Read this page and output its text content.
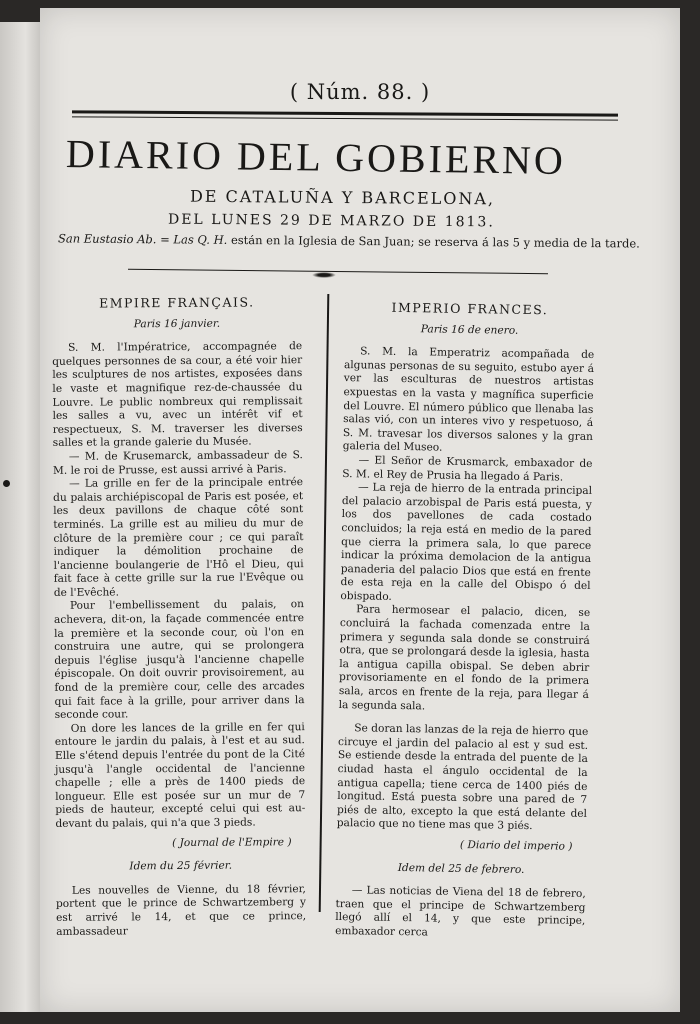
( Núm. 88. )
DIARIO DEL GOBIERNO
DE CATALUÑA Y BARCELONA,
DEL LUNES 29 DE MARZO DE 1813.
San Eustasio Ab. = Las Q. H. están en la Iglesia de San Juan; se reserva á las 5 y media de la tarde.
EMPIRE FRANÇAIS.
Paris 16 janvier.

S. M. l'Impératrice, accompagnée de quelques personnes de sa cour, a été voir hier les sculptures de nos artistes, exposées dans le vaste et magnifique rez-de-chaussée du Louvre. Le public nombreux qui remplissait les salles a vu, avec un intérêt vif et respectueux, S. M. traverser les diverses salles et la grande galerie du Musée.

— M. de Krusemarck, ambassadeur de S. M. le roi de Prusse, est aussi arrivé à Paris.

— La grille en fer de la principale entrée du palais archiépiscopal de Paris est posée, et les deux pavillons de chaque côté sont terminés. La grille est au milieu du mur de clôture de la première cour ; ce qui paraît indiquer la démolition prochaine de l'ancienne boulangerie de l'Hô el Dieu, qui fait face à cette grille sur la rue l'Evêque ou de l'Evêché.

Pour l'embellissement du palais, on achevera, dit-on, la façade commencée entre la première et la seconde cour, où l'on en construira une autre, qui se prolongera depuis l'église jusqu'à l'ancienne chapelle épiscopale. On doit ouvrir provisoirement, au fond de la première cour, celle des arcades qui fait face à la grille, pour arriver dans la seconde cour.

On dore les lances de la grille en fer qui entoure le jardin du palais, à l'est et au sud. Elle s'étend depuis l'entrée du pont de la Cité jusqu'à l'angle occidental de l'ancienne chapelle ; elle a près de 1400 pieds de longueur. Elle est posée sur un mur de 7 pieds de hauteur, excepté celui qui est au-devant du palais, qui n'a que 3 pieds.

( Journal de l'Empire )

Idem du 25 février.

Les nouvelles de Vienne, du 18 février, portent que le prince de Schwartzemberg y est arrivé le 14, et que ce prince, ambassadeur

IMPERIO FRANCES.
Paris 16 de enero.

S. M. la Emperatriz acompañada de algunas personas de su seguito, estubo ayer á ver las esculturas de nuestros artistas expuestas en la vasta y magnífica superficie del Louvre. El número público que llenaba las salas vió, con un interes vivo y respetuoso, á S. M. travesar los diversos salones y la gran galeria del Museo.

— El Señor de Krusmarck, embaxador de S. M. el Rey de Prusia ha llegado á Paris.

— La reja de hierro de la entrada principal del palacio arzobispal de Paris está puesta, y los dos pavellones de cada costado concluidos; la reja está en medio de la pared que cierra la primera sala, lo que parece indicar la próxima demolacion de la antigua panaderia del palacio Dios que está en frente de esta reja en la calle del Obispo ó del obispado.

Para hermosear el palacio, dicen, se concluirá la fachada comenzada entre la primera y segunda sala donde se construirá otra, que se prolongará desde la iglesia, hasta la antigua capilla obispal. Se deben abrir provisoriamente en el fondo de la primera sala, arcos en frente de la reja, para llegar á la segunda sala.

Se doran las lanzas de la reja de hierro que circuye el jardin del palacio al est y sud est. Se estiende desde la entrada del puente de la ciudad hasta el ángulo occidental de la antigua capella; tiene cerca de 1400 piés de longitud. Está puesta sobre una pared de 7 piés de alto, excepto la que está delante del palacio que no tiene mas que 3 piés.

( Diario del imperio )

Idem del 25 de febrero.

— Las noticias de Viena del 18 de febrero, traen que el principe de Schwartzemberg llegó allí el 14, y que este principe, embaxador cerca
